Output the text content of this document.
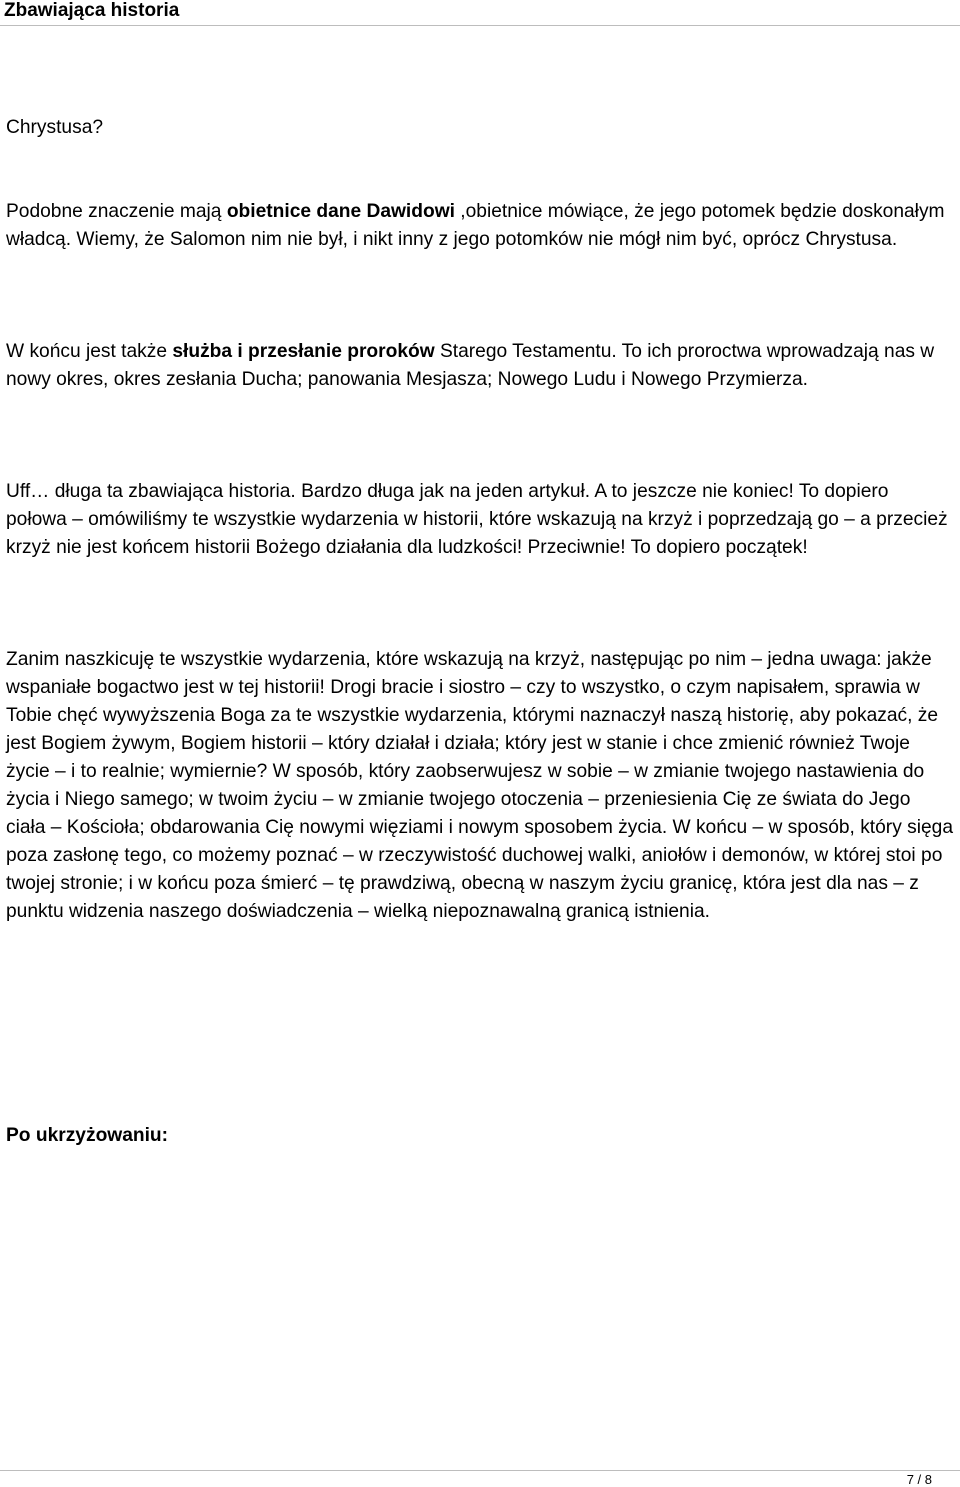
Zbawiająca historia

Chrystusa?

Podobne znaczenie mają obietnice dane Dawidowi ,obietnice mówiące, że jego potomek będzie doskonałym władcą. Wiemy, że Salomon nim nie był, i nikt inny z jego potomków nie mógł nim być, oprócz Chrystusa.

W końcu jest także służba i przesłanie proroków Starego Testamentu. To ich proroctwa wprowadzają nas w nowy okres, okres zesłania Ducha; panowania Mesjasza; Nowego Ludu i Nowego Przymierza.

Uff… długa ta zbawiająca historia. Bardzo długa jak na jeden artykuł. A to jeszcze nie koniec! To dopiero połowa – omówiliśmy te wszystkie wydarzenia w historii, które wskazują na krzyż i poprzedzają go – a przecież krzyż nie jest końcem historii Bożego działania dla ludzkości! Przeciwnie! To dopiero początek!

Zanim naszkicuję te wszystkie wydarzenia, które wskazują na krzyż, następując po nim – jedna uwaga: jakże wspaniałe bogactwo jest w tej historii! Drogi bracie i siostro – czy to wszystko, o czym napisałem, sprawia w Tobie chęć wywyższenia Boga za te wszystkie wydarzenia, którymi naznaczył naszą historię, aby pokazać, że jest Bogiem żywym, Bogiem historii – który działał i działa; który jest w stanie i chce zmienić również Twoje życie – i to realnie; wymiernie? W sposób, który zaobserwujesz w sobie – w zmianie twojego nastawienia do życia i Niego samego; w twoim życiu – w zmianie twojego otoczenia – przeniesienia Cię ze świata do Jego ciała – Kościoła; obdarowania Cię nowymi więziami i nowym sposobem życia. W końcu – w sposób, który sięga poza zasłonę tego, co możemy poznać – w rzeczywistość duchowej walki, aniołów i demonów, w której stoi po twojej stronie; i w końcu poza śmierć – tę prawdziwą, obecną w naszym życiu granicę, która jest dla nas – z punktu widzenia naszego doświadczenia – wielką niepoznawalną granicą istnienia.

Po ukrzyżowaniu:
7 / 8
